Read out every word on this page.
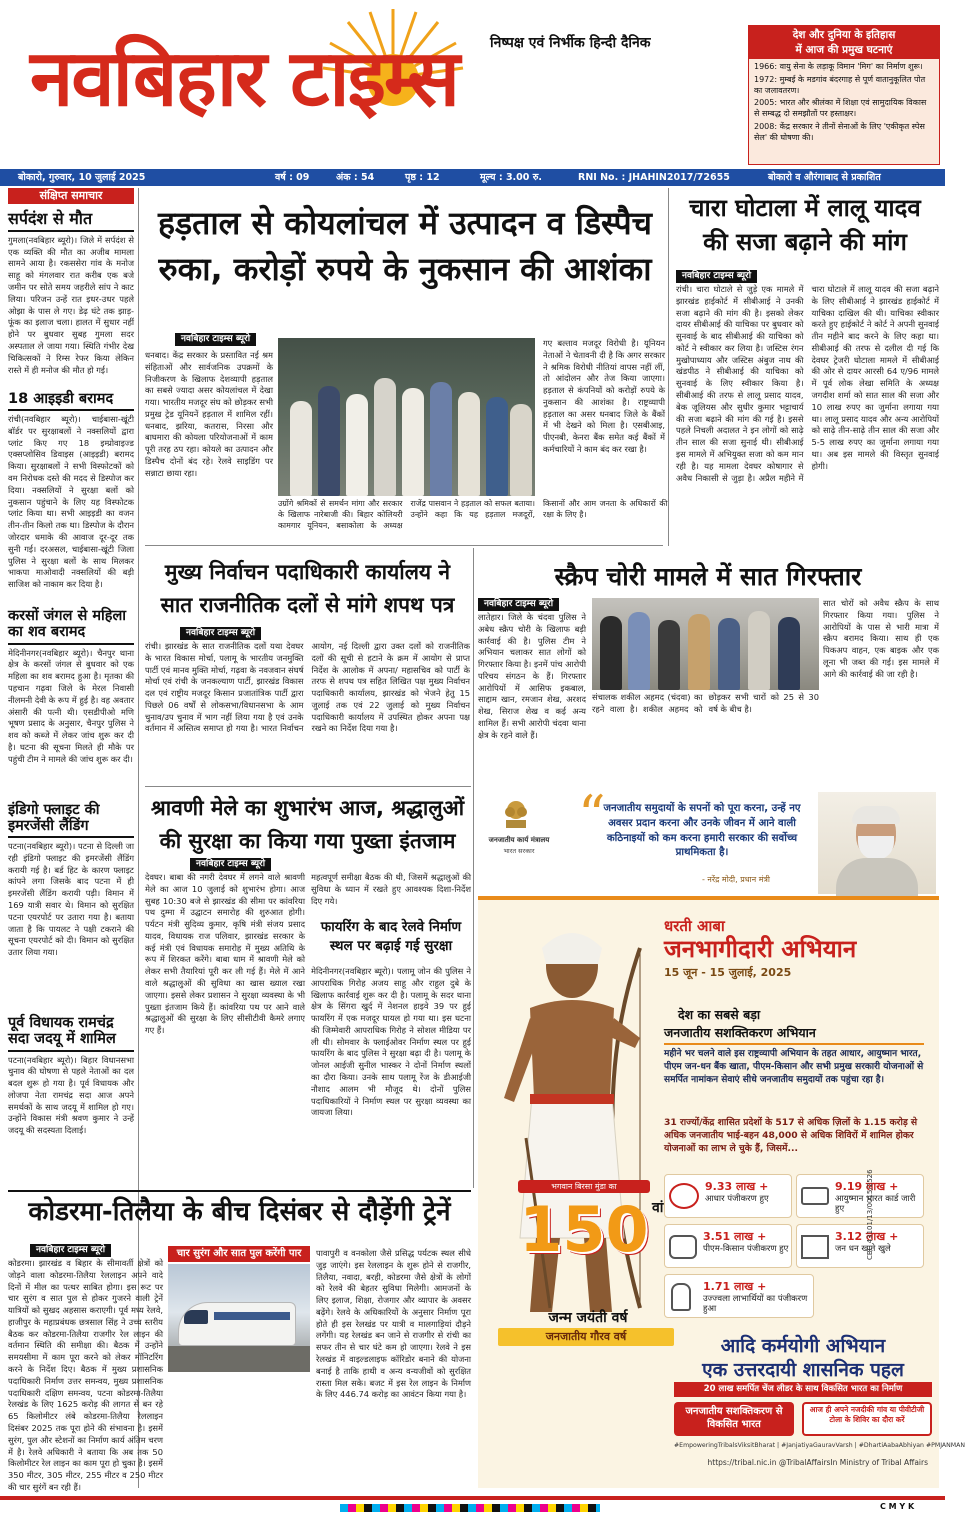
नवबिहार टाइम्स	निष्पक्ष एवं निर्भीक हिन्दी दैनिक	देश और दुनिया के इतिहास
में आज की प्रमुख घटनाएं
1966: वायु सेना के लड़ाकू विमान 'मिग' का निर्माण शुरू।
1972: मुम्बई के मडगांव बंदरगाह से पूर्ण वातानुकूलित पोत का जलावतरण।
2005: भारत और श्रीलंका में शिक्षा एवं सामुदायिक विकास से सम्बद्ध दो समझौतों पर हस्ताक्षर।
2008: केंद्र सरकार ने तीनों सेनाओं के लिए 'एकीकृत स्पेस सेल' की घोषणा की।
बोकारो, गुरुवार, 10 जुलाई 2025	वर्ष : 09	अंक : 54	पृष्ठ : 12	मूल्य : 3.00 रु.	RNI No. : JHAHIN2017/72655	बोकारो व औरंगाबाद से प्रकाशित
संक्षिप्त समाचार
सर्पदंश से मौत
गुमला(नवबिहार ब्यूरो)। जिले में सर्पदंश से एक व्यक्ति की मौत का अजीब मामला सामने आया है। रकससेरा गांव के मनोज साहू को मंगलवार रात करीब एक बजे जमीन पर सोते समय जहरीले सांप ने काट लिया। परिजन उन्हें रात इधर-उधर पहले ओझा के पास ले गए। डेढ़ घंटे तक झाड़-फूंक का इलाज चला। हालत में सुधार नहीं होने पर बुधवार सुबह गुमला सदर अस्पताल ले जाया गया। स्थिति गंभीर देख चिकित्सकों ने रिम्स रेफर किया लेकिन रास्ते में ही मनोज की मौत हो गई।
18 आइइडी बरामद
रांची(नवबिहार ब्यूरो)। चाईबासा-खूंटी बॉर्डर पर सुरक्षाबलों ने नक्सलियों द्वारा प्लांट किए गए 18 इम्प्रोवाइज्ड एक्सप्लोसिव डिवाइस (आइइडी) बरामद किया। सुरक्षाबलों ने सभी विस्फोटकों को वम निरोधक दस्ते की मदद से डिस्पोज कर दिया। नक्सलियों ने सुरक्षा बलों को नुकसान पहुंचाने के लिए यह विस्फोटक प्लांट किया था। सभी आइइडी का वजन तीन-तीन किलो तक था। डिस्पोज के दौरान जोरदार धमाके की आवाज दूर-दूर तक सुनी गई। दरअसल, चाईबासा-खूंटी जिला पुलिस ने सुरक्षा बलों के साथ मिलकर भाकपा माओवादी नक्सलियों की बड़ी साजिश को नाकाम कर दिया है।
करसों जंगल से महिला का शव बरामद
मेदिनीनगर(नवबिहार ब्यूरो)। चैनपुर थाना क्षेत्र के करसों जंगल से बुधवार को एक महिला का शव बरामद हुआ है। मृतका की पहचान गढ़वा जिले के मेरल निवासी नीलमनी देवी के रूप में हुई है। वह अवतार अंसारी की पत्नी थी। एसडीपीओ मणि भूषण प्रसाद के अनुसार, चैनपुर पुलिस ने शव को कब्जे में लेकर जांच शुरू कर दी है। घटना की सूचना मिलते ही मौके पर पहुंची टीम ने मामले की जांच शुरू कर दी।
इंडिगो फ्लाइट की इमरजेंसी लैंडिंग
पटना(नवबिहार ब्यूरो)। पटना से दिल्ली जा रही इंडिगो फ्लाइट की इमरजेंसी लैंडिंग करायी गई है। बर्ड हिट के कारण फ्लाइट कांपने लगा जिसके बाद पटना में ही इमरजेंसी लैंडिंग करायी पड़ी। विमान में 169 यात्री सवार थे। विमान को सुरक्षित पटना एयरपोर्ट पर उतारा गया है। बताया जाता है कि पायलट ने पक्षी टकराने की सूचना एयरपोर्ट को दी। विमान को सुरक्षित उतार लिया गया।
पूर्व विधायक रामचंद्र सदा जदयू में शामिल
पटना(नवबिहार ब्यूरो)। बिहार विधानसभा चुनाव की घोषणा से पहले नेताओं का दल बदल शुरू हो गया है। पूर्व विधायक और लोजपा नेता रामचंद्र सदा आज अपने समर्थकों के साथ जदयू में शामिल हो गए। उन्होंने विकास मंत्री श्रवण कुमार ने उन्हें जदयू की सदस्यता दिलाई।
हड़ताल से कोयलांचल में उत्पादन व डिस्पैच
रुका, करोड़ों रुपये के नुकसान की आशंका
नवबिहार टाइम्स ब्यूरो
धनबाद। केंद्र सरकार के प्रस्तावित नई श्रम संहिताओं और सार्वजनिक उपक्रमों के निजीकरण के खिलाफ देशव्यापी हड़ताल का सबसे ज्यादा असर कोयलांचल में देखा गया। भारतीय मजदूर संघ को छोड़कर सभी प्रमुख ट्रेड यूनियनें हड़ताल में शामिल रहीं। धनबाद, झरिया, कतरास, निरसा और बाघमारा की कोयला परियोजनाओं में काम पूरी तरह ठप रहा। कोयले का उत्पादन और डिस्पैच दोनों बंद रहे। रेलवे साइडिंग पर सन्नाटा छाया रहा।
उग्रोंगे श्रमिकों से समर्थन मांगा और सरकार के खिलाफ नारेबाजी की। बिहार कोलियरी कामगार यूनियन, बसाकोला के अध्यक्ष राजेंद्र पासवान ने हड़ताल को सफल बताया। उन्होंने कहा कि यह हड़ताल मजदूरों, किसानों और आम जनता के अधिकारों की रक्षा के लिए है।
गए बल्ताव मजदूर विरोधी है। यूनियन नेताओं ने चेतावनी दी है कि अगर सरकार ने श्रमिक विरोधी नीतियां वापस नहीं लीं, तो आंदोलन और तेज किया जाएगा। हड़ताल से कंपनियों को करोड़ों रुपये के नुकसान की आशंका है। राष्ट्रव्यापी हड़ताल का असर धनबाद जिले के बैंकों में भी देखने को मिला है। एसबीआइ, पीएनबी, केनरा बैंक समेत कई बैंकों में कर्मचारियों ने काम बंद कर रखा है।
चारा घोटाला में लालू यादव
की सजा बढ़ाने की मांग
नवबिहार टाइम्स ब्यूरो
रांची। चारा घोटाले से जुड़े एक मामले में झारखंड हाईकोर्ट में सीबीआई ने उनकी सजा बढ़ाने की मांग की है। इसको लेकर दायर सीबीआई की याचिका पर बुधवार को सुनवाई के बाद सीबीआई की याचिका को कोर्ट ने स्वीकार कर लिया है। जस्टिस रंगन मुखोपाध्याय और जस्टिस अंबुज नाथ की खंडपीठ ने सीबीआई की याचिका को सुनवाई के लिए स्वीकार किया है। सीबीआई की तरफ से लालू प्रसाद यादव, बेक जूलियस और सुधीर कुमार भट्टाचार्य की सजा बढ़ाने की मांग की गई है। इससे पहले निचली अदालत ने इन लोगों को साढ़े तीन साल की सजा सुनाई थी। सीबीआई इस मामले में अभियुक्त सजा को कम मान रही है। यह मामला देवघर कोषागार से अवैध निकासी से जुड़ा है। अप्रैल महीने में चारा घोटाले में लालू यादव की सजा बढ़ाने के लिए सीबीआई ने झारखंड हाईकोर्ट में याचिका दाखिल की थी। याचिका स्वीकार करते हुए हाईकोर्ट ने कोर्ट ने अपनी सुनवाई तीन महीने बाद करने के लिए कहा था। सीबीआई की तरफ से दलील दी गई कि देवघर ट्रेजरी घोटाला मामले में सीबीआई की ओर से दायर आरसी 64 ए/96 मामले में पूर्व लोक लेखा समिति के अध्यक्ष जगदीश शर्मा को सात साल की सजा और 10 लाख रुपए का जुर्माना लगाया गया था। लालू प्रसाद यादव और अन्य आरोपियों को साढ़े तीन-साढ़े तीन साल की सजा और 5-5 लाख रुपए का जुर्माना लगाया गया था। अब इस मामले की विस्तृत सुनवाई होगी।
मुख्य निर्वाचन पदाधिकारी कार्यालय ने
सात राजनीतिक दलों से मांगे शपथ पत्र
नवबिहार टाइम्स ब्यूरो
रांची। झारखंड के सात राजनीतिक दलों यथा देवघर के भारत विकास मोर्चा, पलामू के भारतीय जनमुक्ति पार्टी एवं मानव मुक्ति मोर्चा, गढ़वा के नवजवान संघर्ष मोर्चा एवं रांची के जनकल्याण पार्टी, झारखंड विकास दल एवं राष्ट्रीय मजदूर किसान प्रजातांत्रिक पार्टी द्वारा पिछले 06 वर्षों से लोकसभा/विधानसभा के आम चुनाव/उप चुनाव में भाग नहीं लिया गया है एवं उनके वर्तमान में अस्तित्व समाप्त हो गया है। भारत निर्वाचन आयोग, नई दिल्ली द्वारा उक्त दलों को राजनीतिक दलों की सूची से हटाने के क्रम में आयोग से प्राप्त निर्देश के आलोक में अपना/ महासचिव को पार्टी के तरफ से शपथ पत्र सहित लिखित पक्ष मुख्य निर्वाचन पदाधिकारी कार्यालय, झारखंड को भेजने हेतु 15 जुलाई तक एवं 22 जुलाई को मुख्य निर्वाचन पदाधिकारी कार्यालय में उपस्थित होकर अपना पक्ष रखने का निर्देश दिया गया है।
स्क्रैप चोरी मामले में सात गिरफ्तार
नवबिहार टाइम्स ब्यूरो
लातेहार। जिले के चंदवा पुलिस ने अबेध स्क्रैप चोरी के खिलाफ बड़ी कार्रवाई की है। पुलिस टीम ने अभियान चलाकर सात लोगों को गिरफ्तार किया है। इनमें पांच आरोपी परिचय संगठन के हैं। गिरफ्तार आरोपियों में आसिफ इकबाल, साद्दाम खान, रमजान शेख, अरशद शेख, सिराज शेख व कई अन्य शामिल हैं। सभी आरोपी चंदवा थाना क्षेत्र के रहने वाले हैं।
संचालक शकील अहमद (चंदवा) का रहने वाला है। शकील अहमद को छोड़कर सभी चारों को 25 से 30 वर्ष के बीच है।
सात चोरों को अवैध स्क्रैप के साथ गिरफ्तार किया गया। पुलिस ने आरोपियों के पास से भारी मात्रा में स्क्रैप बरामद किया। साथ ही एक पिकअप वाहन, एक बाइक और एक लूना भी जब्त की गई। इस मामले में आगे की कार्रवाई की जा रही है।
श्रावणी मेले का शुभारंभ आज, श्रद्धालुओं
की सुरक्षा का किया गया पुख्ता इंतजाम
नवबिहार टाइम्स ब्यूरो
देवघर। बाबा की नगरी देवघर में लगने वाले श्रावणी मेले का आज 10 जुलाई को शुभारंभ होगा। आज सुबह 10:30 बजे से झारखंड की सीमा पर कांवरिया पथ दुम्मा में उद्घाटन समारोह की शुरुआत होगी। पर्यटन मंत्री सुदिव्य कुमार, कृषि मंत्री संजय प्रसाद यादव, विधायक राज पलिवार, झारखंड सरकार के कई मंत्री एवं विधायक समारोह में मुख्य अतिथि के रूप में शिरकत करेंगे। बाबा धाम में श्रावणी मेले को लेकर सभी तैयारियां पूरी कर ली गई हैं। मेले में आने वाले श्रद्धालुओं की सुविधा का खास ख्याल रखा जाएगा। इससे लेकर प्रशासन ने सुरक्षा व्यवस्था के भी पुख्ता इंतजाम किये हैं। कांवरिया पथ पर आने वाले श्रद्धालुओं की सुरक्षा के लिए सीसीटीवी कैमरे लगाए गए हैं।
महत्वपूर्ण समीक्षा बैठक की थी, जिसमें श्रद्धालुओं की सुविधा के ध्यान में रखते हुए आवश्यक दिशा-निर्देश दिए गये।
फायरिंग के बाद रेलवे निर्माण
स्थल पर बढ़ाई गई सुरक्षा
मेदिनीनगर(नवबिहार ब्यूरो)। पलामू जोन की पुलिस ने आपराधिक गिरोह अजय साहू और राहुल दुबे के खिलाफ कार्रवाई शुरू कर दी है। पलामू के सदर थाना क्षेत्र के सिंगरा खुर्द में नेशनल हाइवे 39 पर हुई फायरिंग में एक मजदूर घायल हो गया था। इस घटना की जिम्मेवारी आपराधिक गिरोह ने सोशल मीडिया पर ली थी। सोमवार के फ्लाईओवर निर्माण स्थल पर हुई फायरिंग के बाद पुलिस ने सुरक्षा बढ़ा दी है। पलामू के जोनल आईजी सुनील भास्कर ने दोनों निर्माण स्थलों का दौरा किया। उनके साथ पलामू रेंज के डीआईजी नौशाद आलम भी मौजूद थे। दोनों पुलिस पदाधिकारियों ने निर्माण स्थल पर सुरक्षा व्यवस्था का जायजा लिया।
कोडरमा-तिलैया के बीच दिसंबर से दौड़ेंगी ट्रेनें
नवबिहार टाइम्स ब्यूरो
कोडरमा। झारखंड व बिहार के सीमावर्ती क्षेत्रों को जोड़ने वाला कोडरमा-तिलैया रेललाइन अपने वादे दिनों में मील का पत्थर साबित होगा। इस रूट पर चार सुरंग व सात पुल से होकर गुजरने वाली ट्रेनें यात्रियों को सुखद अहसास कराएगी। पूर्व मध्य रेलवे, हाजीपुर के महाप्रबंधक छत्रसाल सिंह ने उच्च स्तरीय बैठक कर कोडरमा-तिलैया राजगीर रेल लाइन की वर्तमान स्थिति की समीक्षा की। बैठक में उन्होंने समयसीमा में काम पूरा करने को लेकर मॉनिटरिंग करने के निर्देश दिए। बैठक में मुख्य प्रशासनिक पदाधिकारी निर्माण उत्तर समन्वय, मुख्य प्रशासनिक पदाधिकारी दक्षिण समन्वय, पटना कोडरमा-तिलैया रेलखंड के लिए 1625 करोड़ की लागत से बन रहे 65 किलोमीटर लंबे कोडरमा-तिलैया रेललाइन दिसंबर 2025 तक पूरा होने की संभावना है। इसमें सुरंग, पुल और स्टेशनों का निर्माण कार्य अंतिम चरण में है। रेलवे अधिकारी ने बताया कि अब तक 50 किलोमीटर रेल लाइन का काम पूरा हो चुका है। इसमें 350 मीटर, 305 मीटर, 255 मीटर व 250 मीटर की चार सुरंगें बन रही हैं।
चार सुरंग और सात पुल करेंगी पार	पावापुरी व वनकोला जैसे प्रसिद्ध पर्यटक स्थल सीधे जुड़ जाएंगे। इस रेललाइन के शुरू होने से राजगीर, तिलैया, नवादा, बरही, कोडरमा जैसे क्षेत्रों के लोगों को रेलवे की बेहतर सुविधा मिलेगी। आमजनों के लिए इलाज, शिक्षा, रोजगार और व्यापार के अवसर बढ़ेंगे। रेलवे के अधिकारियों के अनुसार निर्माण पूरा होते ही इस रेलखंड पर यात्री व मालगाड़ियां दौड़ने लगेंगी। यह रेलखंड बन जाने से राजगीर से रांची का सफर तीन से चार घंटे कम हो जाएगा। रेलवे ने इस रेलखंड में वाइल्डलाइफ कॉरिडोर बनाने की योजना बनाई है ताकि हाथी व अन्य वन्यजीवों को सुरक्षित रास्ता मिल सके। बजट में इस रेल लाइन के निर्माण के लिए 446.74 करोड़ का आवंटन किया गया है।
जनजातीय कार्य मंत्रालय
भारत सरकार
“
जनजातीय समुदायों के सपनों को पूरा करना, उन्हें नए अवसर प्रदान करना और उनके जीवन में आने वाली कठिनाइयों को कम करना हमारी सरकार की सर्वोच्च प्राथमिकता है।
- नरेंद्र मोदी, प्रधान मंत्री
धरती आबा
जनभागीदारी अभियान
15 जून - 15 जुलाई, 2025
देश का सबसे बड़ा
जनजातीय सशक्तिकरण अभियान
महीने भर चलने वाले इस राष्ट्रव्यापी अभियान के तहत आधार, आयुष्मान भारत, पीएम जन-धन बैंक खाता, पीएम-किसान और सभी प्रमुख सरकारी योजनाओं से समर्पित नामांकन सेवाएं सीधे जनजातीय समुदायों तक पहुंचा रहा है।
31 राज्यों/केंद्र शासित प्रदेशों के 517 से अधिक ज़िलों के 1.15 करोड़ से अधिक जनजातीय भाई-बहन 48,000 से अधिक शिविरों में शामिल होकर योजनाओं का लाभ ले चुके हैं, जिसमें...
9.33 लाख +
आधार पंजीकरण हुए
9.19 लाख +
आयुष्मान भारत कार्ड जारी हुए
3.51 लाख +
पीएम-किसान पंजीकरण हुए
3.12 लाख +
जन धन खाते खुले
1.71 लाख +
उज्ज्वला लाभार्थियों का पंजीकरण हुआ
भगवान बिरसा मुंडा का
150 वां
जन्म जयंती वर्ष
जनजातीय गौरव वर्ष	आदि कर्मयोगी अभियान
एक उत्तरदायी शासनिक पहल
20 लाख समर्पित चेंज लीडर के साथ विकसित भारत का निर्माण
जनजातीय सशक्तिकरण से विकसित भारत
आज ही अपने नजदीकी गांव या पीवीटीजी टोला के शिविर का दौरा करें
#EmpoweringTribalsViksitBharat | #JanjatiyaGauravVarsh | #DhartiAabaAbhiyan #PMJANMAN
https://tribal.nic.in @TribalAffairsIn Ministry of Tribal Affairs
CBC 43101/13/0015/2526
C M Y K
